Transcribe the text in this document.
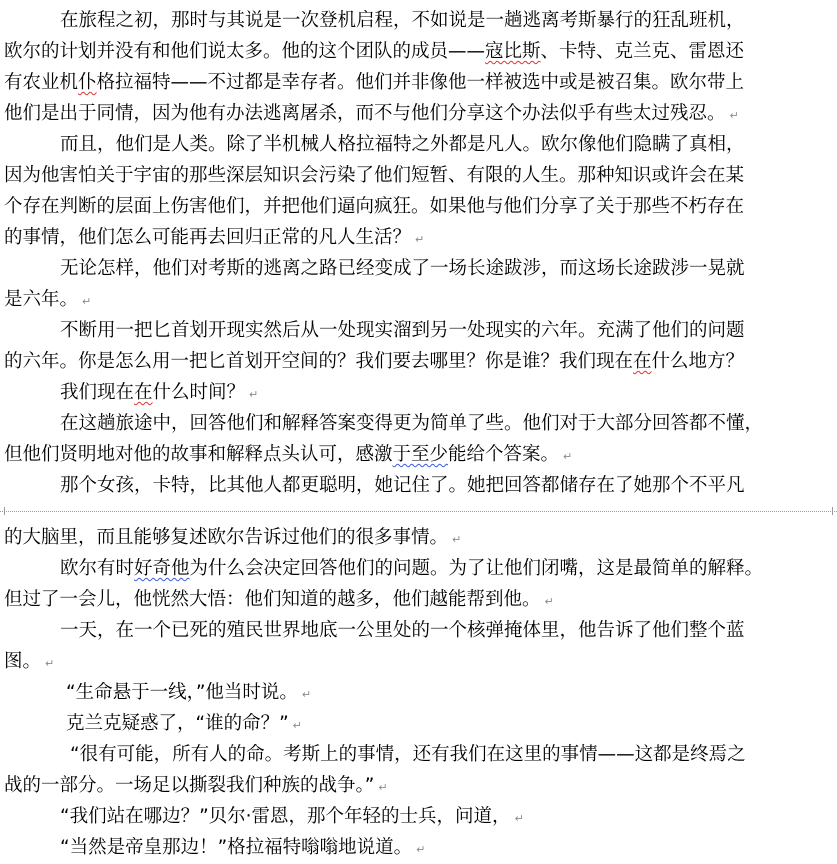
在旅程之初，那时与其说是一次登机启程，不如说是一趟逃离考斯暴行的狂乱班机，

欧尔的计划并没有和他们说太多。他的这个团队的成员——寇比斯、卡特、克兰克、雷恩还

有农业机仆格拉福特——不过都是幸存者。他们并非像他一样被选中或是被召集。欧尔带上

他们是出于同情，因为他有办法逃离屠杀，而不与他们分享这个办法似乎有些太过残忍。 ↵

而且，他们是人类。除了半机械人格拉福特之外都是凡人。欧尔像他们隐瞒了真相，

因为他害怕关于宇宙的那些深层知识会污染了他们短暂、有限的人生。那种知识或许会在某

个存在判断的层面上伤害他们，并把他们逼向疯狂。如果他与他们分享了关于那些不朽存在

的事情，他们怎么可能再去回归正常的凡人生活？ ↵

无论怎样，他们对考斯的逃离之路已经变成了一场长途跋涉，而这场长途跋涉一晃就

是六年。 ↵

不断用一把匕首划开现实然后从一处现实溜到另一处现实的六年。充满了他们的问题

的六年。你是怎么用一把匕首划开空间的？我们要去哪里？你是谁？我们现在在什么地方？

我们现在在什么时间？ ↵

在这趟旅途中，回答他们和解释答案变得更为简单了些。他们对于大部分回答都不懂，

但他们贤明地对他的故事和解释点头认可，感激于至少能给个答案。 ↵

那个女孩，卡特，比其他人都更聪明，她记住了。她把回答都储存在了她那个不平凡

的大脑里，而且能够复述欧尔告诉过他们的很多事情。 ↵

欧尔有时好奇他为什么会决定回答他们的问题。为了让他们闭嘴，这是最简单的解释。

但过了一会儿，他恍然大悟：他们知道的越多，他们越能帮到他。 ↵

一天，在一个已死的殖民世界地底一公里处的一个核弹掩体里，他告诉了他们整个蓝

图。 ↵

“生命悬于一线，”他当时说。 ↵

克兰克疑惑了，“谁的命？” ↵

“很有可能，所有人的命。考斯上的事情，还有我们在这里的事情——这都是终焉之

战的一部分。一场足以撕裂我们种族的战争。” ↵

“我们站在哪边？”贝尔·雷恩，那个年轻的士兵，问道， ↵

“当然是帝皇那边！”格拉福特嗡嗡地说道。 ↵
